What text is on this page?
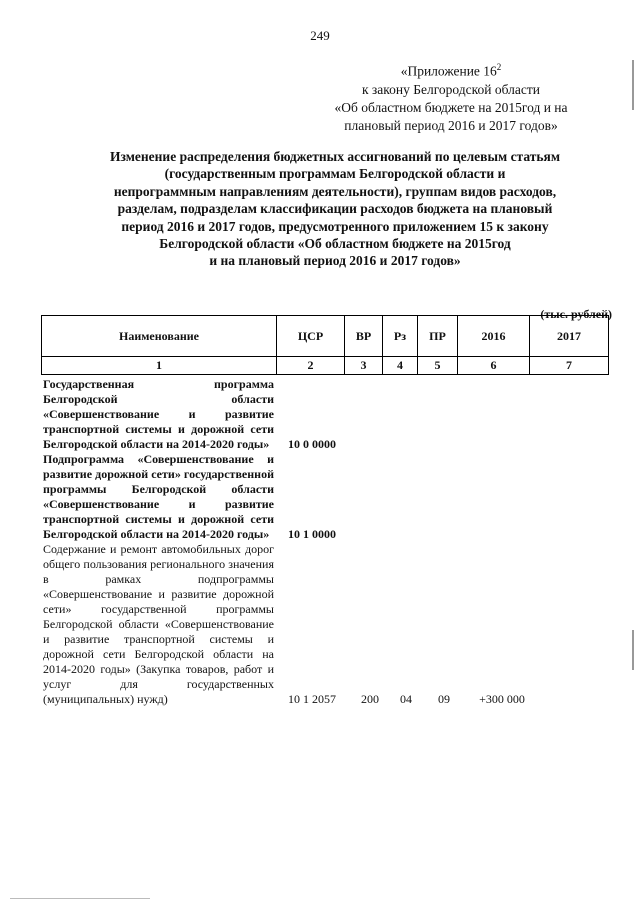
249
«Приложение $16^2$
к закону Белгородской области
«Об областном бюджете на 2015год и на
плановый период 2016 и 2017 годов»
Изменение распределения бюджетных ассигнований по целевым статьям
(государственным программам Белгородской области и
непрограммным направлениям деятельности), группам видов расходов,
разделам, подразделам классификации расходов бюджета на плановый
период 2016 и 2017 годов, предусмотренного приложением 15 к закону
Белгородской области «Об областном бюджете на 2015год
и на плановый период 2016 и 2017 годов»
(тыс. рублей)
Наименование	ЦСР	ВР	Рз	ПР	2016	2017
1	2	3	4	5	6	7
Государственная программа Белгородской области «Совершенствование и развитие транспортной системы и дорожной сети Белгородской области на 2014-2020 годы»	10 0 0000
Подпрограмма «Совершенствование и развитие дорожной сети» государственной программы Белгородской области «Совершенствование и развитие транспортной системы и дорожной сети Белгородской области на 2014-2020 годы»	10 1 0000
Содержание и ремонт автомобильных дорог общего пользования регионального значения в рамках подпрограммы «Совершенствование и развитие дорожной сети» государственной программы Белгородской области «Совершенствование и развитие транспортной системы и дорожной сети Белгородской области на 2014-2020 годы» (Закупка товаров, работ и услуг для государственных (муниципальных) нужд)	10 1 2057	200	04	09	+300 000
